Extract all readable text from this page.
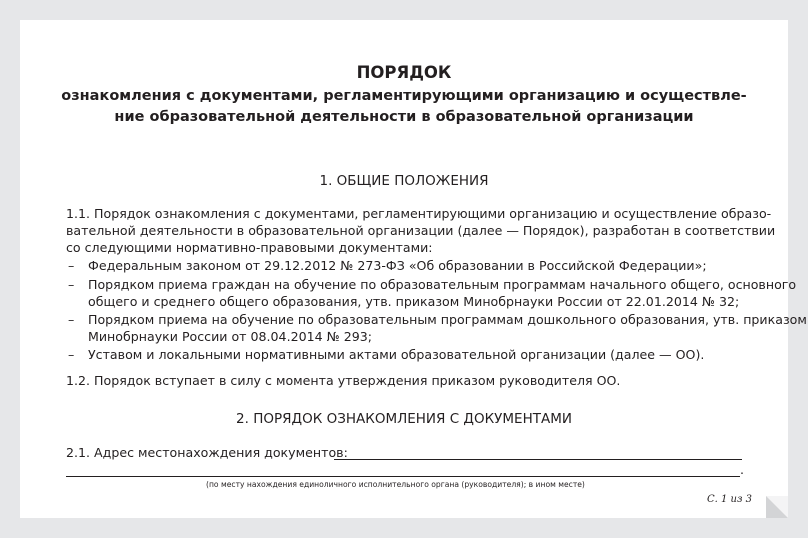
ПОРЯДОК
ознакомления с документами, регламентирующими организацию и осуществле-
ние образовательной деятельности в образовательной организации
1. ОБЩИЕ ПОЛОЖЕНИЯ
1.1. Порядок ознакомления с документами, регламентирующими организацию и осуществление образо-
вательной деятельности в образовательной организации (далее — Порядок), разработан в соответствии
со следующими нормативно-правовыми документами:
– Федеральным законом от 29.12.2012 № 273-ФЗ «Об образовании в Российской Федерации»;
– Порядком приема граждан на обучение по образовательным программам начального общего, основного
общего и среднего общего образования, утв. приказом Минобрнауки России от 22.01.2014 № 32;
– Порядком приема на обучение по образовательным программам дошкольного образования, утв. приказом
Минобрнауки России от 08.04.2014 № 293;
– Уставом и локальными нормативными актами образовательной организации (далее — ОО).
1.2. Порядок вступает в силу с момента утверждения приказом руководителя ОО.
2. ПОРЯДОК ОЗНАКОМЛЕНИЯ С ДОКУМЕНТАМИ
2.1. Адрес местонахождения документов:
.
(по месту нахождения единоличного исполнительного органа (руководителя); в ином месте)
С. 1 из 3
